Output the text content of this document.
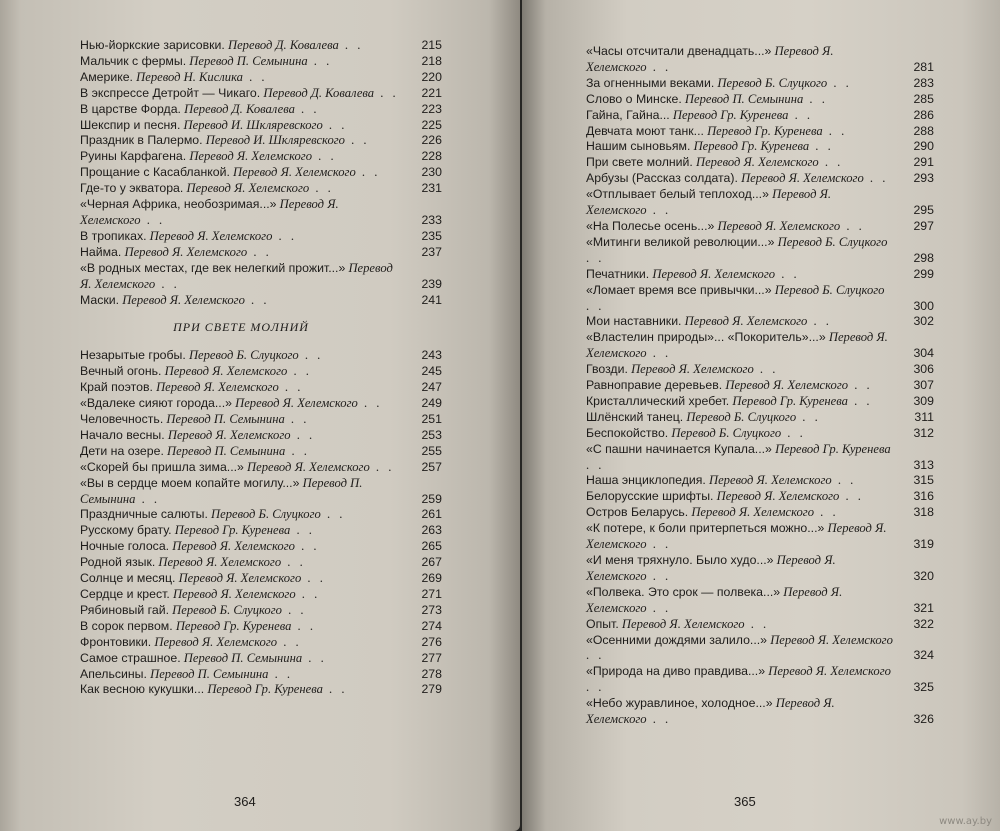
Нью-йоркские зарисовки. Перевод Д. Ковалева . .	215
Мальчик с фермы. Перевод П. Семынина . .	218
Америке. Перевод Н. Кислика . .	220
В экспрессе Детройт — Чикаго. Перевод Д. Ковалева . .	221
В царстве Форда. Перевод Д. Ковалева . .	223
Шекспир и песня. Перевод И. Шкляревского . .	225
Праздник в Палермо. Перевод И. Шкляревского . .	226
Руины Карфагена. Перевод Я. Хелемского . .	228
Прощание с Касабланкой. Перевод Я. Хелемского . .	230
Где-то у экватора. Перевод Я. Хелемского . .	231
«Черная Африка, необозримая...» Перевод Я. Хелемского . .	233
В тропиках. Перевод Я. Хелемского . .	235
Найма. Перевод Я. Хелемского . .	237
«В родных местах, где век нелегкий прожит...» Перевод Я. Хелемского . .	239
Маски. Перевод Я. Хелемского . .	241
ПРИ СВЕТЕ МОЛНИЙ
Незарытые гробы. Перевод Б. Слуцкого . .	243
Вечный огонь. Перевод Я. Хелемского . .	245
Край поэтов. Перевод Я. Хелемского . .	247
«Вдалеке сияют города...» Перевод Я. Хелемского . .	249
Человечность. Перевод П. Семынина . .	251
Начало весны. Перевод Я. Хелемского . .	253
Дети на озере. Перевод П. Семынина . .	255
«Скорей бы пришла зима...» Перевод Я. Хелемского . .	257
«Вы в сердце моем копайте могилу...» Перевод П. Семынина . .	259
Праздничные салюты. Перевод Б. Слуцкого . .	261
Русскому брату. Перевод Гр. Куренева . .	263
Ночные голоса. Перевод Я. Хелемского . .	265
Родной язык. Перевод Я. Хелемского . .	267
Солнце и месяц. Перевод Я. Хелемского . .	269
Сердце и крест. Перевод Я. Хелемского . .	271
Рябиновый гай. Перевод Б. Слуцкого . .	273
В сорок первом. Перевод Гр. Куренева . .	274
Фронтовики. Перевод Я. Хелемского . .	276
Самое страшное. Перевод П. Семынина . .	277
Апельсины. Перевод П. Семынина . .	278
Как весною кукушки... Перевод Гр. Куренева . .	279
364
«Часы отсчитали двенадцать...» Перевод Я. Хелемского . .	281
За огненными веками. Перевод Б. Слуцкого . .	283
Слово о Минске. Перевод П. Семынина . .	285
Гайна, Гайна... Перевод Гр. Куренева . .	286
Девчата моют танк... Перевод Гр. Куренева . .	288
Нашим сыновьям. Перевод Гр. Куренева . .	290
При свете молний. Перевод Я. Хелемского . .	291
Арбузы (Рассказ солдата). Перевод Я. Хелемского . .	293
«Отплывает белый теплоход...» Перевод Я. Хелемского . .	295
«На Полесье осень...» Перевод Я. Хелемского . .	297
«Митинги великой революции...» Перевод Б. Слуцкого . .	298
Печатники. Перевод Я. Хелемского . .	299
«Ломает время все привычки...» Перевод Б. Слуцкого . .	300
Мои наставники. Перевод Я. Хелемского . .	302
«Властелин природы»... «Покоритель»...» Перевод Я. Хелемского . .	304
Гвозди. Перевод Я. Хелемского . .	306
Равноправие деревьев. Перевод Я. Хелемского . .	307
Кристаллический хребет. Перевод Гр. Куренева . .	309
Шлёнский танец. Перевод Б. Слуцкого . .	311
Беспокойство. Перевод Б. Слуцкого . .	312
«С пашни начинается Купала...» Перевод Гр. Куренева . .	313
Наша энциклопедия. Перевод Я. Хелемского . .	315
Белорусские шрифты. Перевод Я. Хелемского . .	316
Остров Беларусь. Перевод Я. Хелемского . .	318
«К потере, к боли притерпеться можно...» Перевод Я. Хелемского . .	319
«И меня тряхнуло. Было худо...» Перевод Я. Хелемского . .	320
«Полвека. Это срок — полвека...» Перевод Я. Хелемского . .	321
Опыт. Перевод Я. Хелемского . .	322
«Осенними дождями залило...» Перевод Я. Хелемского . .	324
«Природа на диво правдива...» Перевод Я. Хелемского . .	325
«Небо журавлиное, холодное...» Перевод Я. Хелемского . .	326
365
www.ay.by
